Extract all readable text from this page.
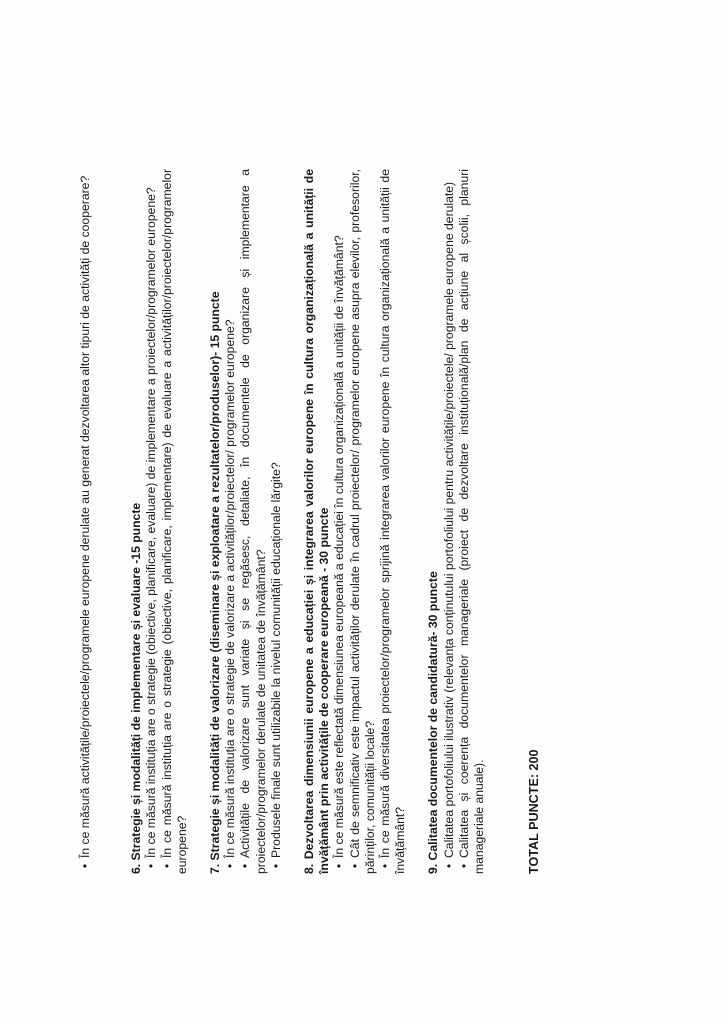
•În ce măsură activitățile/proiectele/programele europene derulate au generat dezvoltarea altor tipuri de activități de cooperare?	6. Strategie și modalități de implementare și evaluare -15 puncte •În ce măsură instituția are o strategie (obiective, planificare, evaluare) de implementare a proiectelor/programelor europene?

•În ce măsură instituția are o strategie (obiective, planificare, implementare) de evaluare a activităților/proiectelor/programelor europene? 7. Strategie și modalități de valorizare (diseminare și exploatare a rezultatelor/produselor)- 15 puncte •În ce măsură instituția are o strategie de valorizare a activităților/proiectelor/ programelor europene?

•Activitățile de valorizare sunt variate și se regăsesc, detaliate, în documentele de organizare și implementare a proiectelor/programelor derulate de unitatea de învățământ? •Produsele finale sunt utilizabile la nivelul comunității educaționale lărgite? 8. Dezvoltarea dimensiunii europene a educației și integrarea valorilor europene în cultura organizațională a unității de învățământ prin activitățile de cooperare europeană - 30 puncte •În ce măsură este reflectată dimensiunea europeană a educației în cultura organizațională a unității de învățământ?

•Cât de semnificativ este impactul activităților derulate în cadrul proiectelor/ programelor europene asupra elevilor, profesorilor, părinților, comunității locale? •În ce măsură diversitatea proiectelor/programelor sprijină integrarea valorilor europene în cultura organizațională a unității de învățământ? 9. Calitatea documentelor de candidatură- 30 puncte •Calitatea portofoliului ilustrativ (relevanța conținutului portofoliului pentru activitățile/proiectele/ programele europene derulate)

•Calitatea și coerența documentelor manageriale (proiect de dezvoltare instituțională/plan de acțiune al școlii, planuri manageriale anuale).	TOTAL PUNCTE: 200
